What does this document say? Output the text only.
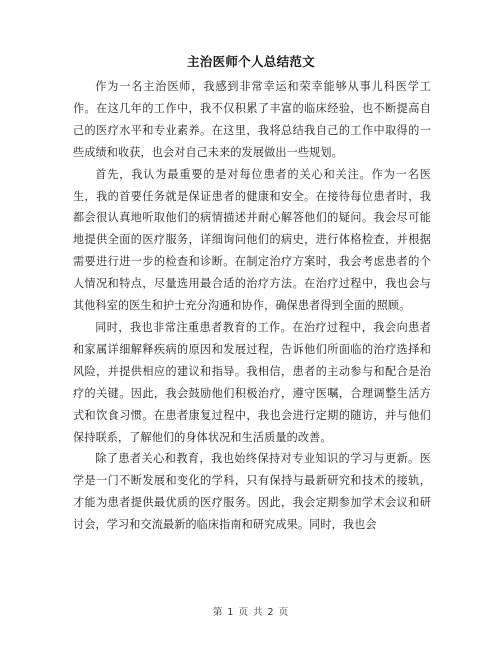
主治医师个人总结范文

作为一名主治医师，我感到非常幸运和荣幸能够从事儿科医学工作。在这几年的工作中，我不仅积累了丰富的临床经验，也不断提高自己的医疗水平和专业素养。在这里，我将总结我自己的工作中取得的一些成绩和收获，也会对自己未来的发展做出一些规划。

首先，我认为最重要的是对每位患者的关心和关注。作为一名医生，我的首要任务就是保证患者的健康和安全。在接待每位患者时，我都会很认真地听取他们的病情描述并耐心解答他们的疑问。我会尽可能地提供全面的医疗服务，详细询问他们的病史，进行体格检查，并根据需要进行进一步的检查和诊断。在制定治疗方案时，我会考虑患者的个人情况和特点，尽量选用最合适的治疗方法。在治疗过程中，我也会与其他科室的医生和护士充分沟通和协作，确保患者得到全面的照顾。

同时，我也非常注重患者教育的工作。在治疗过程中，我会向患者和家属详细解释疾病的原因和发展过程，告诉他们所面临的治疗选择和风险，并提供相应的建议和指导。我相信，患者的主动参与和配合是治疗的关键。因此，我会鼓励他们积极治疗，遵守医嘱，合理调整生活方式和饮食习惯。在患者康复过程中，我也会进行定期的随访，并与他们保持联系，了解他们的身体状况和生活质量的改善。

除了患者关心和教育，我也始终保持对专业知识的学习与更新。医学是一门不断发展和变化的学科，只有保持与最新研究和技术的接轨，才能为患者提供最优质的医疗服务。因此，我会定期参加学术会议和研讨会，学习和交流最新的临床指南和研究成果。同时，我也会

第 1 页 共 2 页
